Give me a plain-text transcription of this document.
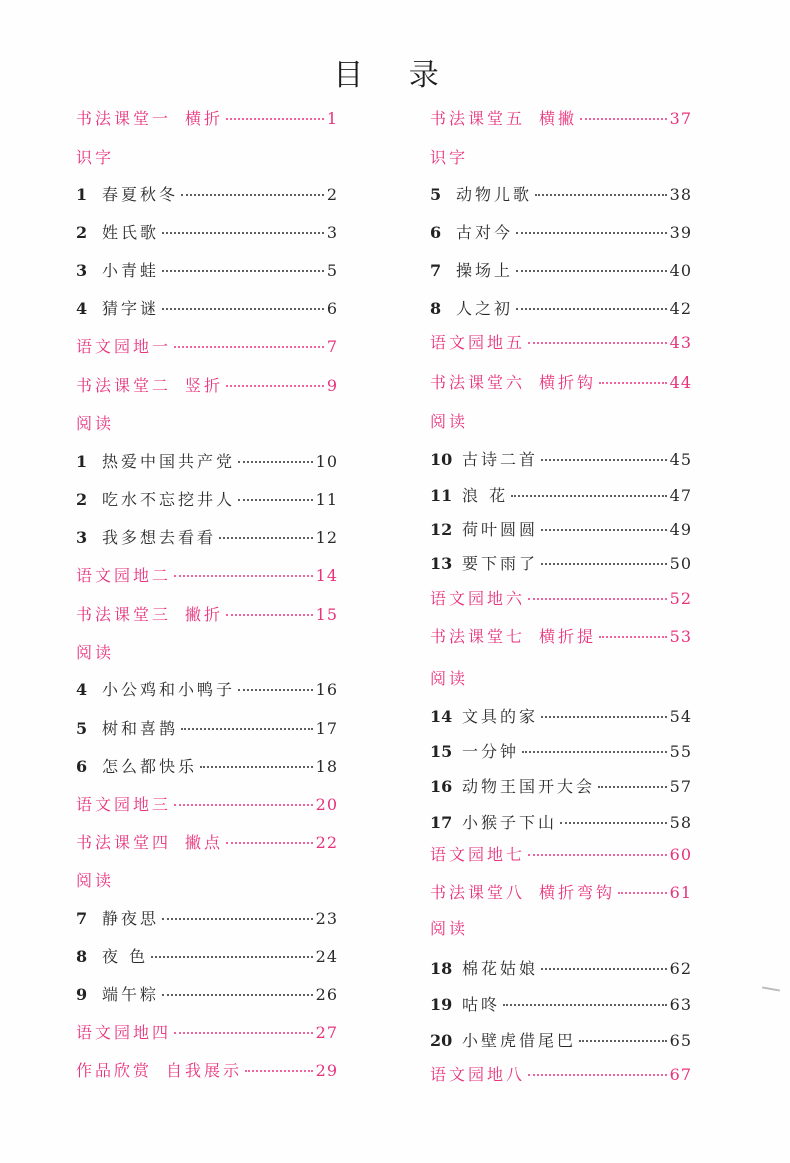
目 录
书法课堂一 横折	1
识字
1 春夏秋冬	2
2 姓氏歌	3
3 小青蛙	5
4 猜字谜	6
语文园地一	7
书法课堂二 竖折	9
阅读
1 热爱中国共产党	10
2 吃水不忘挖井人	11
3 我多想去看看	12
语文园地二	14
书法课堂三 撇折	15
阅读
4 小公鸡和小鸭子	16
5 树和喜鹊	17
6 怎么都快乐	18
语文园地三	20
书法课堂四 撇点	22
阅读
7 静夜思	23
8 夜 色	24
9 端午粽	26
语文园地四	27
作品欣赏 自我展示	29
书法课堂五 横撇	37
识字
5 动物儿歌	38
6 古对今	39
7 操场上	40
8 人之初	42
语文园地五	43
书法课堂六 横折钩	44
阅读
10 古诗二首	45
11 浪 花	47
12 荷叶圆圆	49
13 要下雨了	50
语文园地六	52
书法课堂七 横折提	53
阅读
14 文具的家	54
15 一分钟	55
16 动物王国开大会	57
17 小猴子下山	58
语文园地七	60
书法课堂八 横折弯钩	61
阅读
18 棉花姑娘	62
19 咕咚	63
20 小壁虎借尾巴	65
语文园地八	67
